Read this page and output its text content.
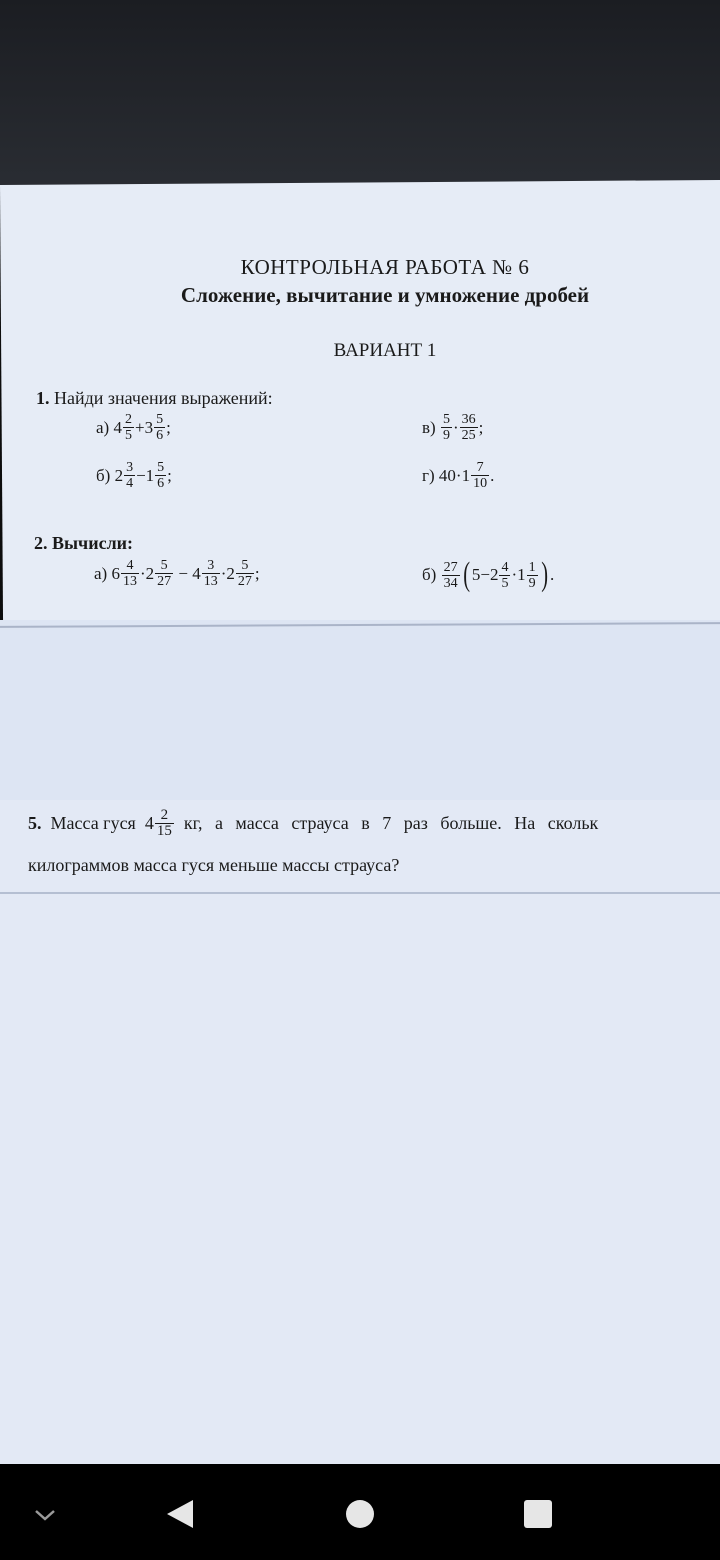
КОНТРОЛЬНАЯ РАБОТА № 6
Сложение, вычитание и умножение дробей
ВАРИАНТ 1
1. Найди значения выражений:
а)
$4 \frac{2}{5} + 3 \frac{5}{6}$ ;
б)
$2 \frac{3}{4} - 1 \frac{5}{6}$ ;
в)
$\frac{5}{9} \cdot \frac{36}{25}$ ;
г)
$40 \cdot 1 \frac{7}{10}$ .
2. Вычисли:
а)
$6 \frac{4}{13} \cdot 2 \frac{5}{27}$
−
$4 \frac{3}{13} \cdot 2 \frac{5}{27}$ ;	б)
$\frac{27}{34}$ ( $5 - 2 \frac{4}{5} \cdot 1 \frac{1}{9}$ ) .
5.
Масса гуся
$4 \frac{2}{15}$
кг, а масса страуса в 7 раз больше. На скольк
килограммов масса гуся меньше массы страуса?
